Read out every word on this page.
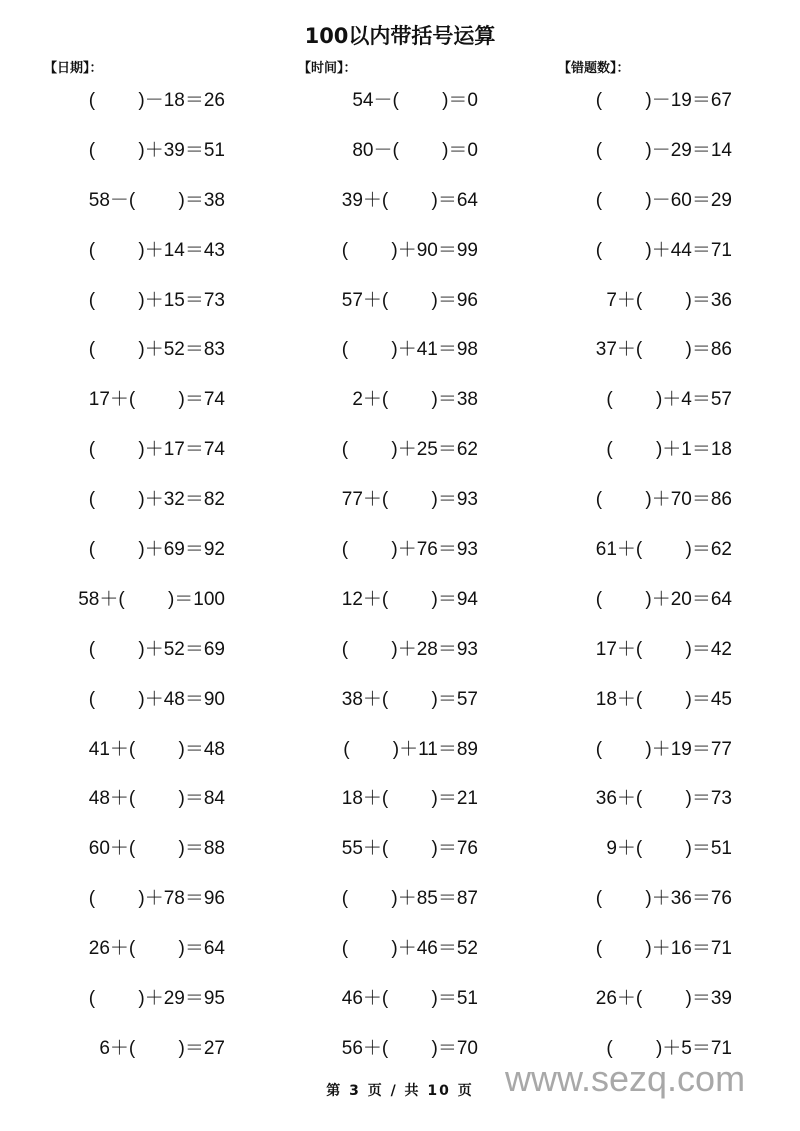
100以内带括号运算
【日期】：	【时间】：	【错题数】：
(　　 )－18＝26	54－(　　 )＝0	(　　 )－19＝67
(　　 )＋39＝51	80－(　　 )＝0	(　　 )－29＝14
58－(　　 )＝38	39＋(　　 )＝64	(　　 )－60＝29
(　　 )＋14＝43	(　　 )＋90＝99	(　　 )＋44＝71
(　　 )＋15＝73	57＋(　　 )＝96	7＋(　　 )＝36
(　　 )＋52＝83	(　　 )＋41＝98	37＋(　　 )＝86
17＋(　　 )＝74	2＋(　　 )＝38	(　　 )＋4＝57
(　　 )＋17＝74	(　　 )＋25＝62	(　　 )＋1＝18
(　　 )＋32＝82	77＋(　　 )＝93	(　　 )＋70＝86
(　　 )＋69＝92	(　　 )＋76＝93	61＋(　　 )＝62
58＋(　　 )＝100	12＋(　　 )＝94	(　　 )＋20＝64
(　　 )＋52＝69	(　　 )＋28＝93	17＋(　　 )＝42
(　　 )＋48＝90	38＋(　　 )＝57	18＋(　　 )＝45
41＋(　　 )＝48	(　　 )＋11＝89	(　　 )＋19＝77
48＋(　　 )＝84	18＋(　　 )＝21	36＋(　　 )＝73
60＋(　　 )＝88	55＋(　　 )＝76	9＋(　　 )＝51
(　　 )＋78＝96	(　　 )＋85＝87	(　　 )＋36＝76
26＋(　　 )＝64	(　　 )＋46＝52	(　　 )＋16＝71
(　　 )＋29＝95	46＋(　　 )＝51	26＋(　　 )＝39
6＋(　　 )＝27	56＋(　　 )＝70	(　　 )＋5＝71
第 3 页 / 共 10 页 www.sezq.com
